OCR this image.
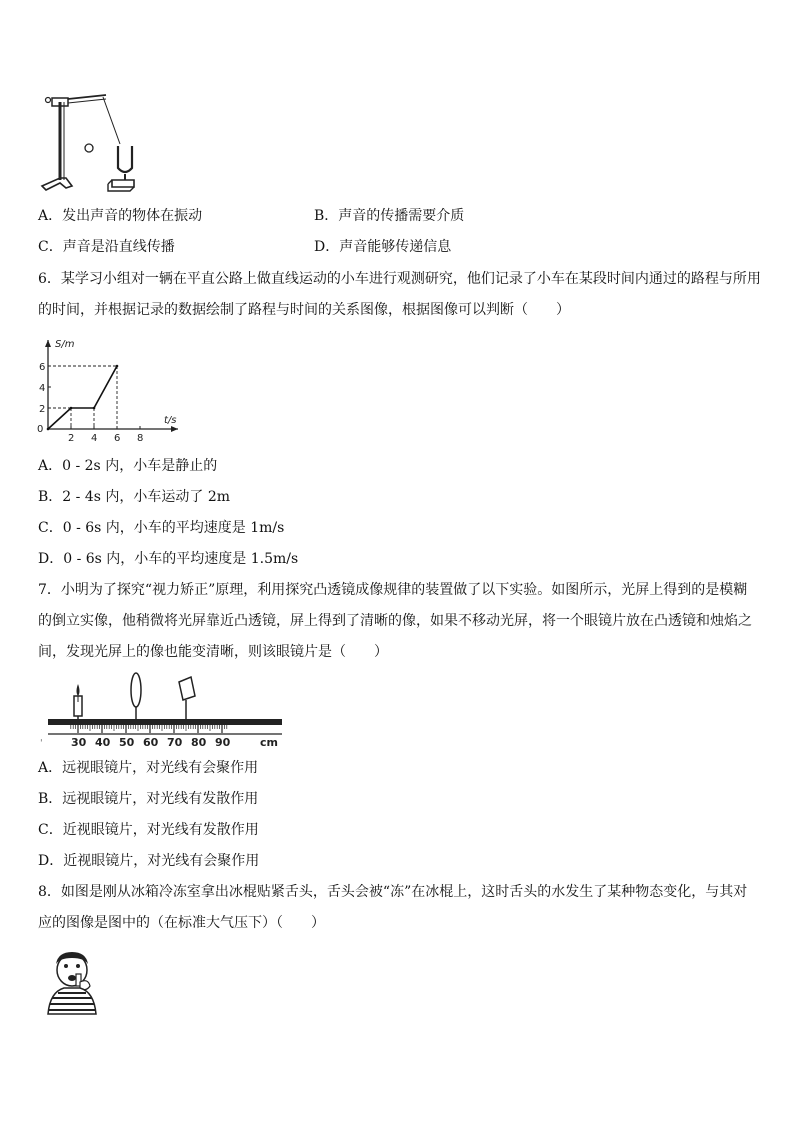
A．发出声音的物体在振动	B．声音的传播需要介质
C．声音是沿直线传播	D．声音能够传递信息
6．某学习小组对一辆在平直公路上做直线运动的小车进行观测研究，他们记录了小车在某段时间内通过的路程与所用
的时间，并根据记录的数据绘制了路程与时间的关系图像，根据图像可以判断（　　）
S/m
t/s
0
2 4 6 8
2
4
6
A．0 - 2s 内，小车是静止的
B．2 - 4s 内，小车运动了 2m
C．0 - 6s 内，小车的平均速度是 1m/s
D．0 - 6s 内，小车的平均速度是 1.5m/s
7．小明为了探究“视力矫正”原理，利用探究凸透镜成像规律的装置做了以下实验。如图所示，光屏上得到的是模糊
的倒立实像，他稍微将光屏靠近凸透镜，屏上得到了清晰的像，如果不移动光屏，将一个眼镜片放在凸透镜和烛焰之
间，发现光屏上的像也能变清晰，则该眼镜片是（　　）
30 40 50 60 70 80 90	cm
ˈ
A．远视眼镜片，对光线有会聚作用
B．远视眼镜片，对光线有发散作用
C．近视眼镜片，对光线有发散作用
D．近视眼镜片，对光线有会聚作用
8．如图是刚从冰箱冷冻室拿出冰棍贴紧舌头，舌头会被“冻”在冰棍上，这时舌头的水发生了某种物态变化，与其对
应的图像是图中的（在标准大气压下）（　　）
